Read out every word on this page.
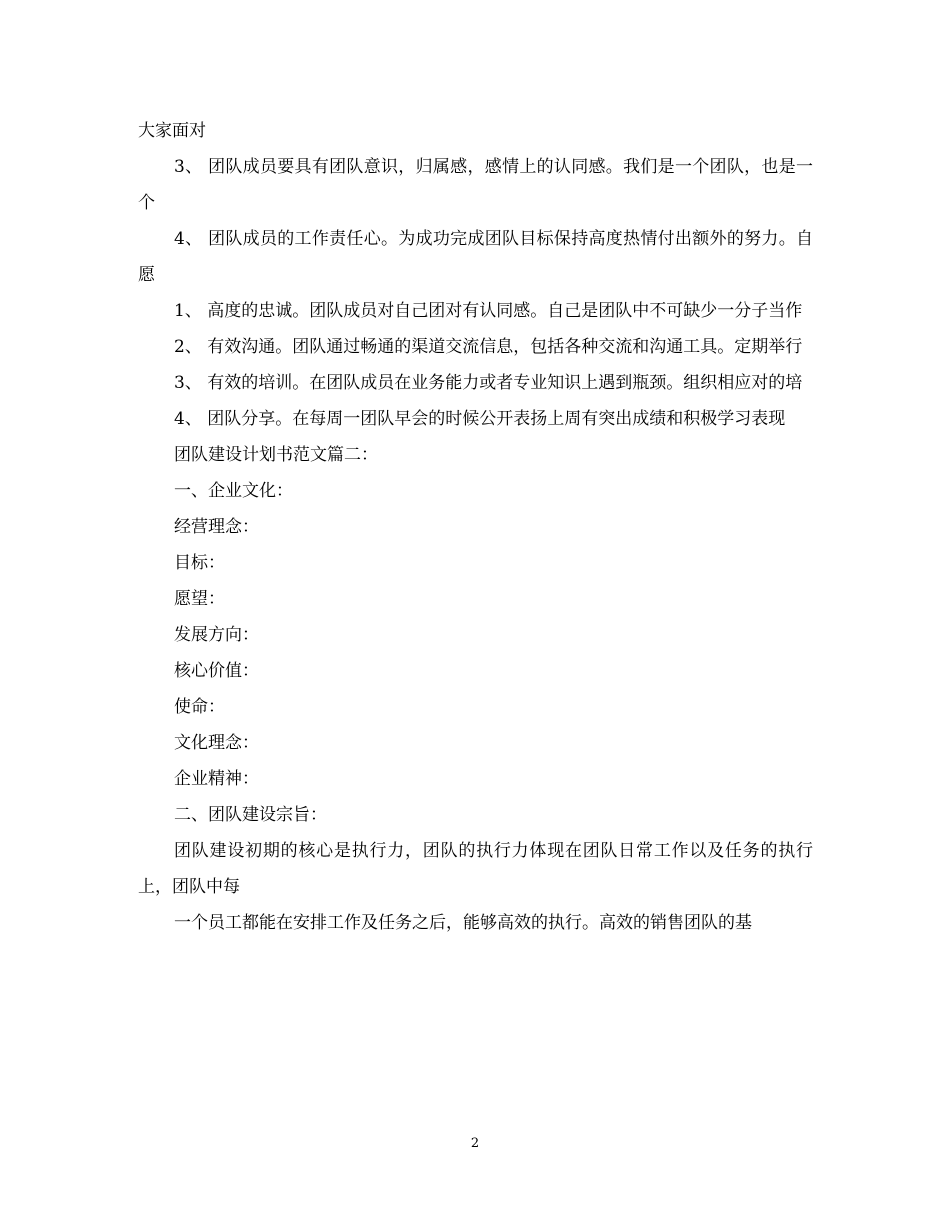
大家面对

3、 团队成员要具有团队意识，归属感，感情上的认同感。我们是一个团队，也是一个

4、 团队成员的工作责任心。为成功完成团队目标保持高度热情付出额外的努力。自愿

1、 高度的忠诚。团队成员对自己团对有认同感。自己是团队中不可缺少一分子当作

2、 有效沟通。团队通过畅通的渠道交流信息，包括各种交流和沟通工具。定期举行

3、 有效的培训。在团队成员在业务能力或者专业知识上遇到瓶颈。组织相应对的培

4、 团队分享。在每周一团队早会的时候公开表扬上周有突出成绩和积极学习表现

团队建设计划书范文篇二：

一、企业文化：

经营理念：

目标：

愿望：

发展方向：

核心价值：

使命：

文化理念：

企业精神：

二、团队建设宗旨：

团队建设初期的核心是执行力，团队的执行力体现在团队日常工作以及任务的执行上，团队中每

一个员工都能在安排工作及任务之后，能够高效的执行。高效的销售团队的基

2
